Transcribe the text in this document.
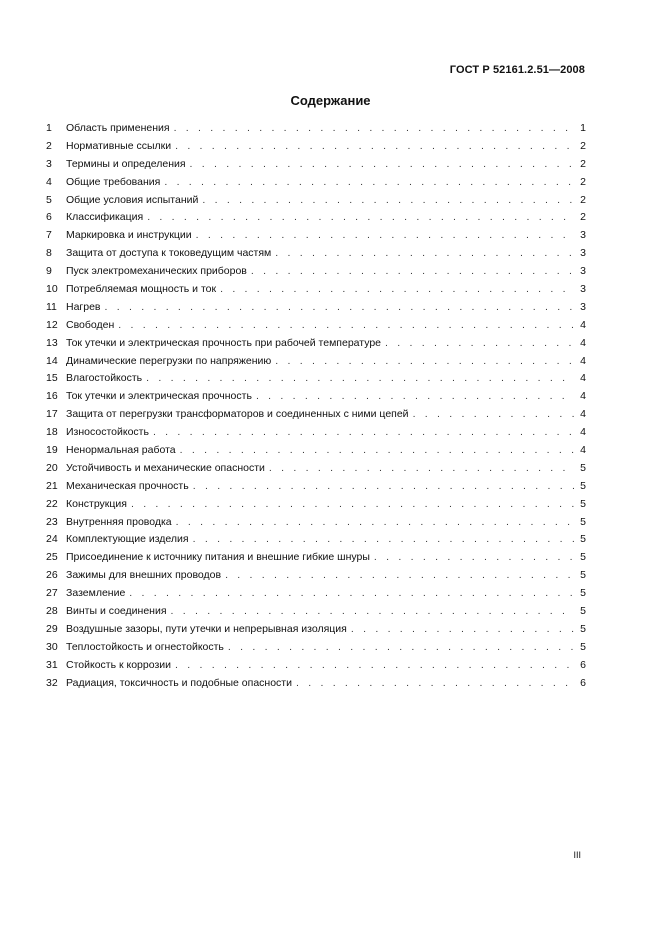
ГОСТ Р 52161.2.51—2008
Содержание
1	Область применения . . .	1
2	Нормативные ссылки . . .	2
3	Термины и определения . . .	2
4	Общие требования . . .	2
5	Общие условия испытаний . . .	2
6	Классификация . . .	2
7	Маркировка и инструкции . . .	3
8	Защита от доступа к токоведущим частям . . .	3
9	Пуск электромеханических приборов . . .	3
10 Потребляемая мощность и ток . . .	3
11 Нагрев . . .	3
12 Свободен . . .	4
13 Ток утечки и электрическая прочность при рабочей температуре . . .	4
14 Динамические перегрузки по напряжению . . .	4
15 Влагостойкость . . .	4
16 Ток утечки и электрическая прочность . . .	4
17 Защита от перегрузки трансформаторов и соединенных с ними цепей . . .	4
18 Износостойкость . . .	4
19 Ненормальная работа . . .	4
20 Устойчивость и механические опасности . . .	5
21 Механическая прочность . . .	5
22 Конструкция . . .	5
23 Внутренняя проводка . . .	5
24 Комплектующие изделия . . .	5
25 Присоединение к источнику питания и внешние гибкие шнуры . . .	5
26 Зажимы для внешних проводов . . .	5
27 Заземление . . .	5
28 Винты и соединения . . .	5
29 Воздушные зазоры, пути утечки и непрерывная изоляция . . .	5
30 Теплостойкость и огнестойкость . . .	5
31 Стойкость к коррозии . . .	6
32 Радиация, токсичность и подобные опасности . . .	6
III
